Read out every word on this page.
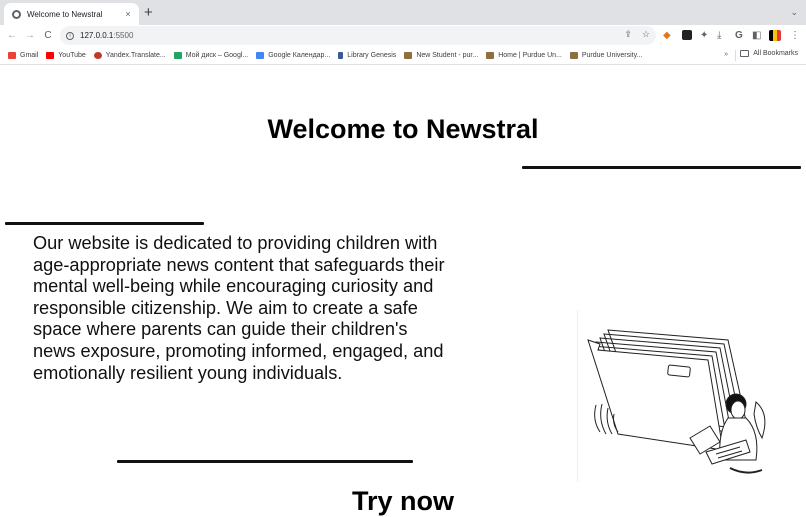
Welcome to Newstral	× +	⌄
← → C	i	127.0.0.1 :5500	⇪ ☆ ◆	✦ ⤓ G ◧	⋮
Gmail	YouTube	Yandex.Translate...	Мой диск – Googl...	Google Календар... Library Genesis	New Student - pur...	Home | Purdue Un...	Purdue University...	»	All Bookmarks
Welcome to Newstral

Our website is dedicated to providing children with age-appropriate news content that safeguards their mental well-being while encouraging curiosity and responsible citizenship. We aim to create a safe space where parents can guide their children's news exposure, promoting informed, engaged, and emotionally resilient young individuals.

Try now
